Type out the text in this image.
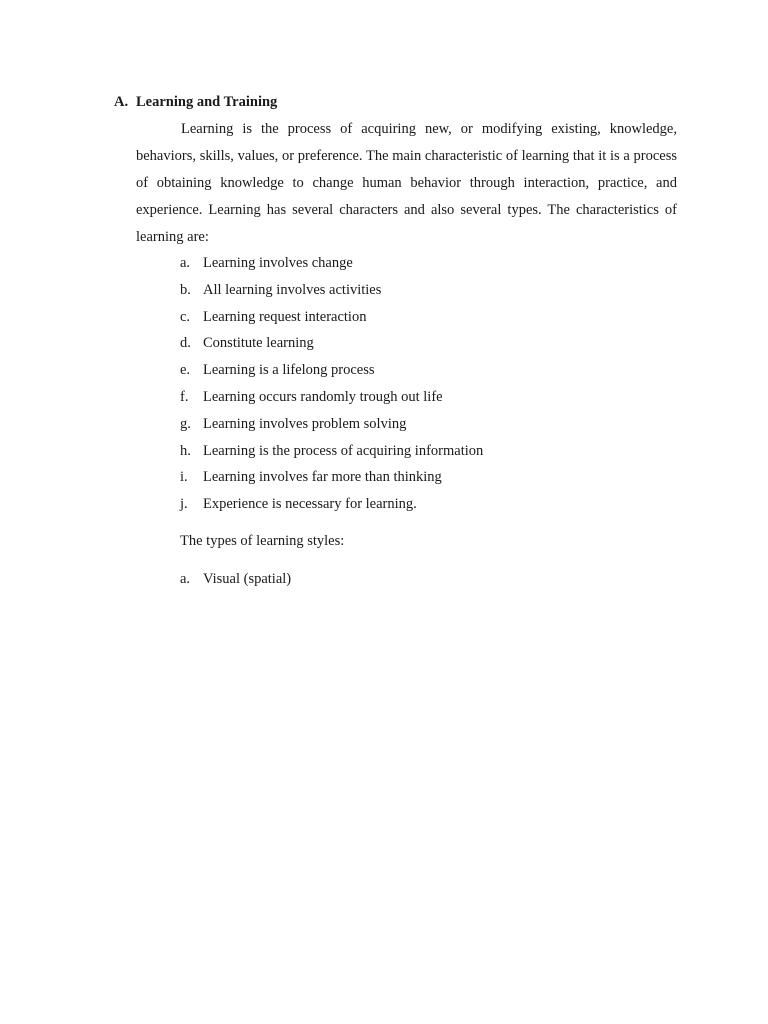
A. Learning and Training

Learning is the process of acquiring new, or modifying existing, knowledge, behaviors, skills, values, or preference. The main characteristic of learning that it is a process of obtaining knowledge to change human behavior through interaction, practice, and experience. Learning has several characters and also several types. The characteristics of learning are:

a. Learning involves change
b. All learning involves activities
c. Learning request interaction
d. Constitute learning
e. Learning is a lifelong process
f. Learning occurs randomly trough out life
g. Learning involves problem solving
h. Learning is the process of acquiring information
i. Learning involves far more than thinking
j. Experience is necessary for learning.

The types of learning styles:

a. Visual (spatial)
